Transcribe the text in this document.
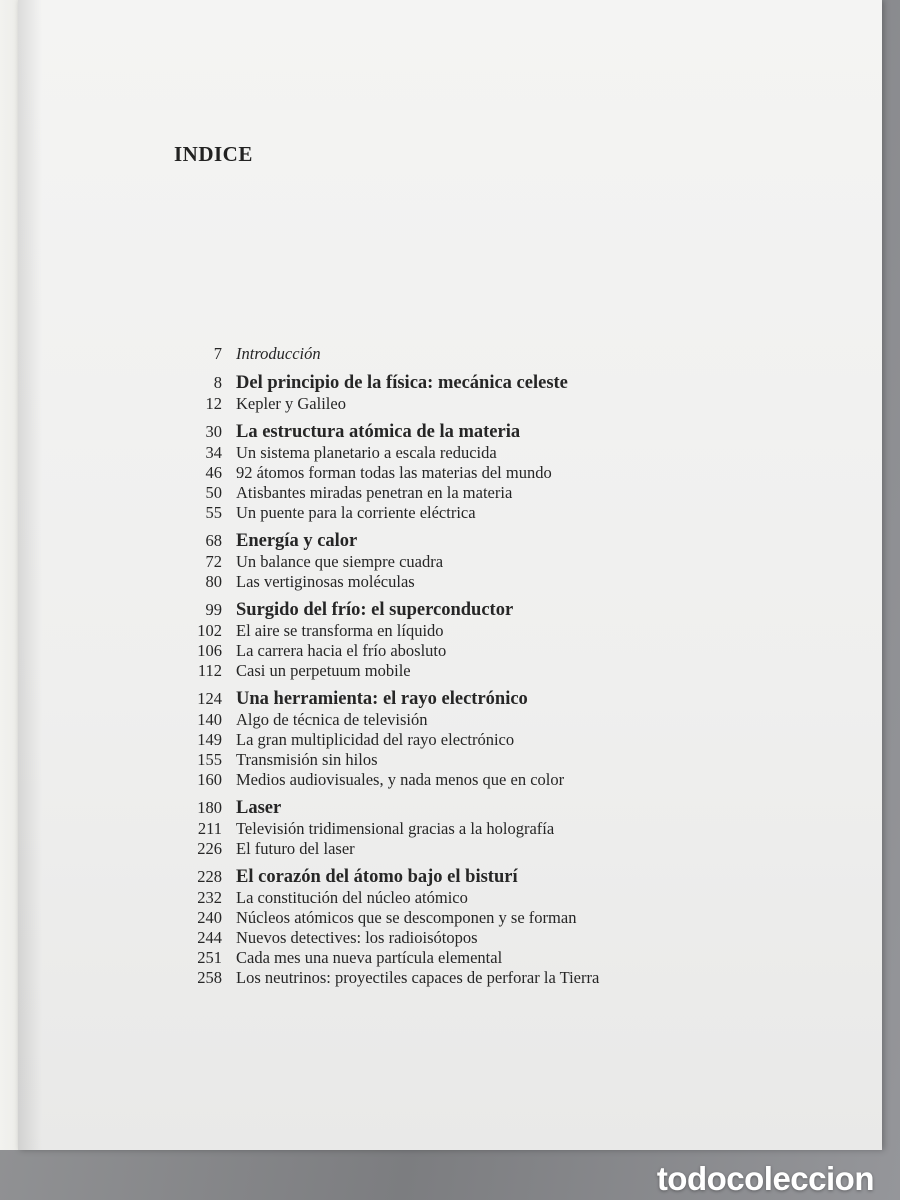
INDICE
7 Introducción
8 Del principio de la física: mecánica celeste
12 Kepler y Galileo
30 La estructura atómica de la materia
34 Un sistema planetario a escala reducida
46 92 átomos forman todas las materias del mundo
50 Atisbantes miradas penetran en la materia
55 Un puente para la corriente eléctrica
68 Energía y calor
72 Un balance que siempre cuadra
80 Las vertiginosas moléculas
99 Surgido del frío: el superconductor
102 El aire se transforma en líquido
106 La carrera hacia el frío abosluto
112 Casi un perpetuum mobile
124 Una herramienta: el rayo electrónico
140 Algo de técnica de televisión
149 La gran multiplicidad del rayo electrónico
155 Transmisión sin hilos
160 Medios audiovisuales, y nada menos que en color
180 Laser
211 Televisión tridimensional gracias a la holografía
226 El futuro del laser
228 El corazón del átomo bajo el bisturí
232 La constitución del núcleo atómico
240 Núcleos atómicos que se descomponen y se forman
244 Nuevos detectives: los radioisótopos
251 Cada mes una nueva partícula elemental
258 Los neutrinos: proyectiles capaces de perforar la Tierra
todocoleccion
